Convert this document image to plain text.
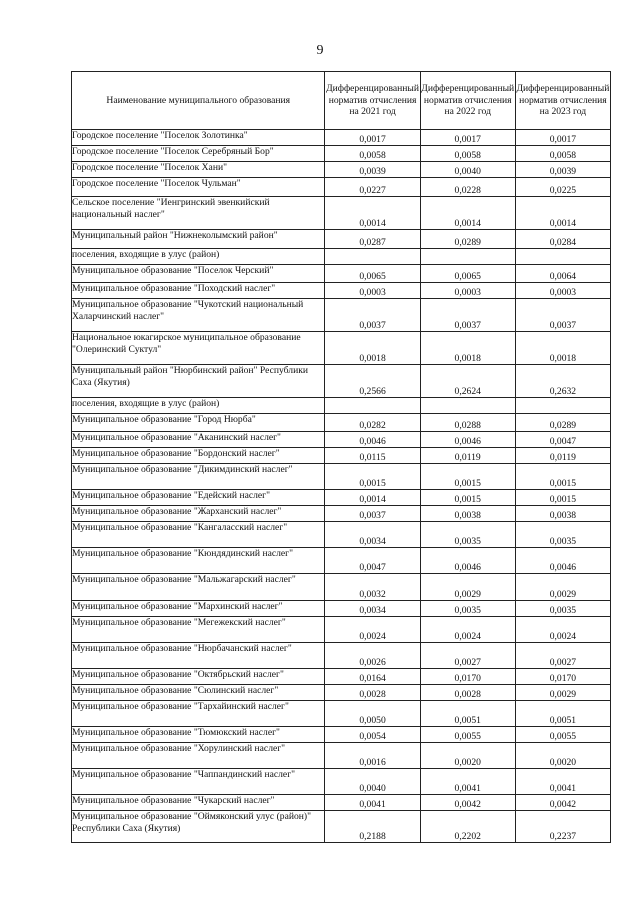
9
Наименование муниципального образования	Дифференцированный норматив отчисления на 2021 год	Дифференцированный норматив отчисления на 2022 год	Дифференцированный норматив отчисления на 2023 год
Городское поселение "Поселок Золотинка"	0,0017	0,0017	0,0017
Городское поселение "Поселок Серебряный Бор"	0,0058	0,0058	0,0058
Городское поселение "Поселок Хани"	0,0039	0,0040	0,0039
Городское поселение "Поселок Чульман"	0,0227	0,0228	0,0225
Сельское поселение "Иенгринский эвенкийский национальный наслег"	0,0014	0,0014	0,0014
Муниципальный район "Нижнеколымский район"	0,0287	0,0289	0,0284
поселения, входящие в улус (район)			
Муниципальное образование "Поселок Черский"	0,0065	0,0065	0,0064
Муниципальное образование "Походский наслег"	0,0003	0,0003	0,0003
Муниципальное образование "Чукотский национальный Халарчинский наслег"	0,0037	0,0037	0,0037
Национальное юкагирское муниципальное образование "Олеринский Суктул"	0,0018	0,0018	0,0018
Муниципальный район "Нюрбинский район" Республики Саха (Якутия)	0,2566	0,2624	0,2632
поселения, входящие в улус (район)			
Муниципальное образование "Город Нюрба"	0,0282	0,0288	0,0289
Муниципальное образование "Аканинский наслег"	0,0046	0,0046	0,0047
Муниципальное образование "Бордонский наслег"	0,0115	0,0119	0,0119
Муниципальное образование "Дикимдинский наслег"	0,0015	0,0015	0,0015
Муниципальное образование "Едейский наслег"	0,0014	0,0015	0,0015
Муниципальное образование "Жарханский наслег"	0,0037	0,0038	0,0038
Муниципальное образование "Кангаласский наслег"	0,0034	0,0035	0,0035
Муниципальное образование "Кюндядинский наслег"	0,0047	0,0046	0,0046
Муниципальное образование "Мальжагарский наслег"	0,0032	0,0029	0,0029
Муниципальное образование "Мархинский наслег"	0,0034	0,0035	0,0035
Муниципальное образование "Мегежекский наслег"	0,0024	0,0024	0,0024
Муниципальное образование "Нюрбачанский наслег"	0,0026	0,0027	0,0027
Муниципальное образование "Октябрьский наслег"	0,0164	0,0170	0,0170
Муниципальное образование "Сюлинский наслег"	0,0028	0,0028	0,0029
Муниципальное образование "Тархайинский наслег"	0,0050	0,0051	0,0051
Муниципальное образование "Тюмюкский наслег"	0,0054	0,0055	0,0055
Муниципальное образование "Хорулинский наслег"	0,0016	0,0020	0,0020
Муниципальное образование "Чаппандинский наслег"	0,0040	0,0041	0,0041
Муниципальное образование "Чукарский наслег"	0,0041	0,0042	0,0042
Муниципальное образование "Оймяконский улус (район)" Республики Саха (Якутия)	0,2188	0,2202	0,2237
